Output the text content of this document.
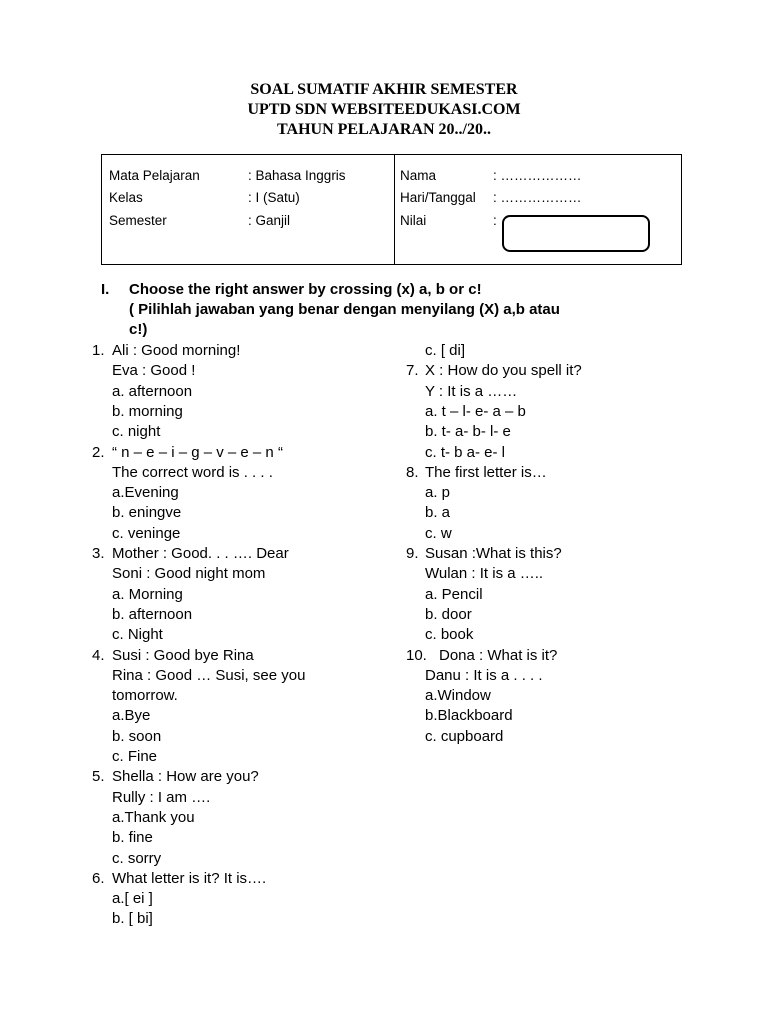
SOAL SUMATIF AKHIR SEMESTER
UPTD SDN WEBSITEEDUKASI.COM
TAHUN PELAJARAN 20../20..
Mata Pelajaran	: Bahasa Inggris
Kelas	: I (Satu)
Semester	: Ganjil
Nama	: ………………
Hari/Tanggal : ………………
Nilai	:
I. Choose the right answer by crossing (x) a, b or c!
( Pilihlah jawaban yang benar dengan menyilang (X) a,b atau
c!)
1. Ali : Good morning!
Eva : Good !
a. afternoon
b. morning
c. night
2. “ n – e – i – g – v – e – n “
The correct word is . . . .
a.Evening
b. eningve
c. veninge
3. Mother : Good. . . …. Dear
Soni : Good night mom
a. Morning
b. afternoon
c. Night
4. Susi : Good bye Rina
Rina : Good … Susi, see you
tomorrow.
a.Bye
b. soon
c. Fine
5. Shella : How are you?
Rully : I am ….
a.Thank you
b. fine
c. sorry
6. What letter is it? It is….
a.[ ei ]
b. [ bi]
c. [ di]
7. X : How do you spell it?
Y : It is a ……
a. t – l- e- a – b
b. t- a- b- l- e
c. t- b a- e- l
8. The first letter is…
a. p
b. a
c. w
9. Susan :What is this?
Wulan : It is a …..
a. Pencil
b. door
c. book
10. Dona : What is it?
Danu : It is a . . . .
a.Window
b.Blackboard
c. cupboard
